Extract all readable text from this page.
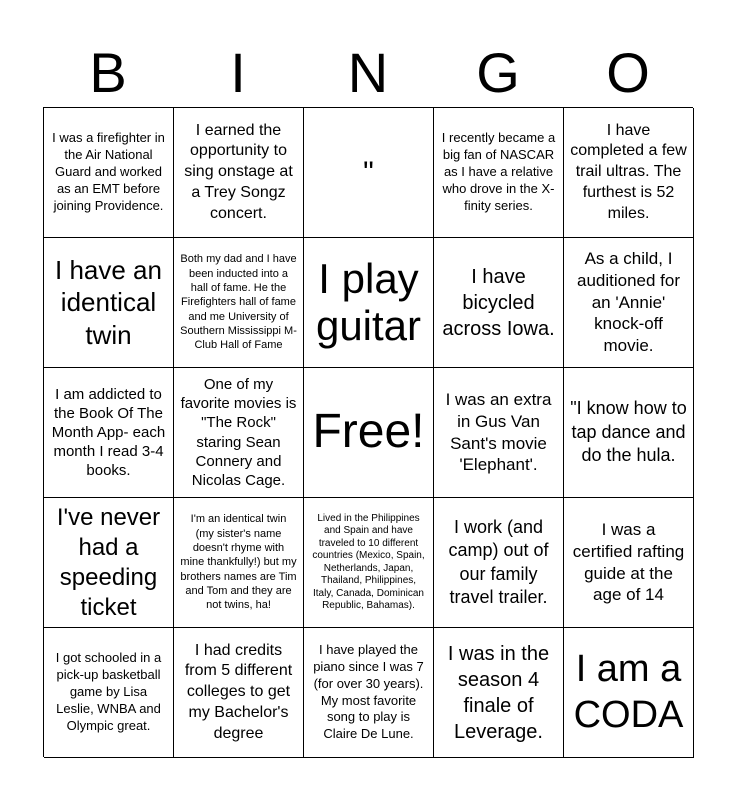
B	I	N	G	O
I was a firefighter in the Air National Guard and worked as an EMT before joining Providence.
I earned the opportunity to sing onstage at a Trey Songz concert.
"
I recently became a big fan of NASCAR as I have a relative who drove in the X-finity series.
I have completed a few trail ultras. The furthest is 52 miles.
I have an identical twin
Both my dad and I have been inducted into a hall of fame. He the Firefighters hall of fame and me University of Southern Mississippi M-Club Hall of Fame
I play guitar
I have bicycled across Iowa.
As a child, I auditioned for an 'Annie' knock-off movie.
I am addicted to the Book Of The Month App- each month I read 3-4 books.
One of my favorite movies is "The Rock" staring Sean Connery and Nicolas Cage.
Free!
I was an extra in Gus Van Sant's movie 'Elephant'.
"I know how to tap dance and do the hula.
I've never had a speeding ticket
I'm an identical twin (my sister's name doesn't rhyme with mine thankfully!) but my brothers names are Tim and Tom and they are not twins, ha!
Lived in the Philippines and Spain and have traveled to 10 different countries (Mexico, Spain, Netherlands, Japan, Thailand, Philippines, Italy, Canada, Dominican Republic, Bahamas).
I work (and camp) out of our family travel trailer.
I was a certified rafting guide at the age of 14
I got schooled in a pick-up basketball game by Lisa Leslie, WNBA and Olympic great.
I had credits from 5 different colleges to get my Bachelor's degree
I have played the piano since I was 7 (for over 30 years). My most favorite song to play is Claire De Lune.
I was in the season 4 finale of Leverage.
I am a CODA
